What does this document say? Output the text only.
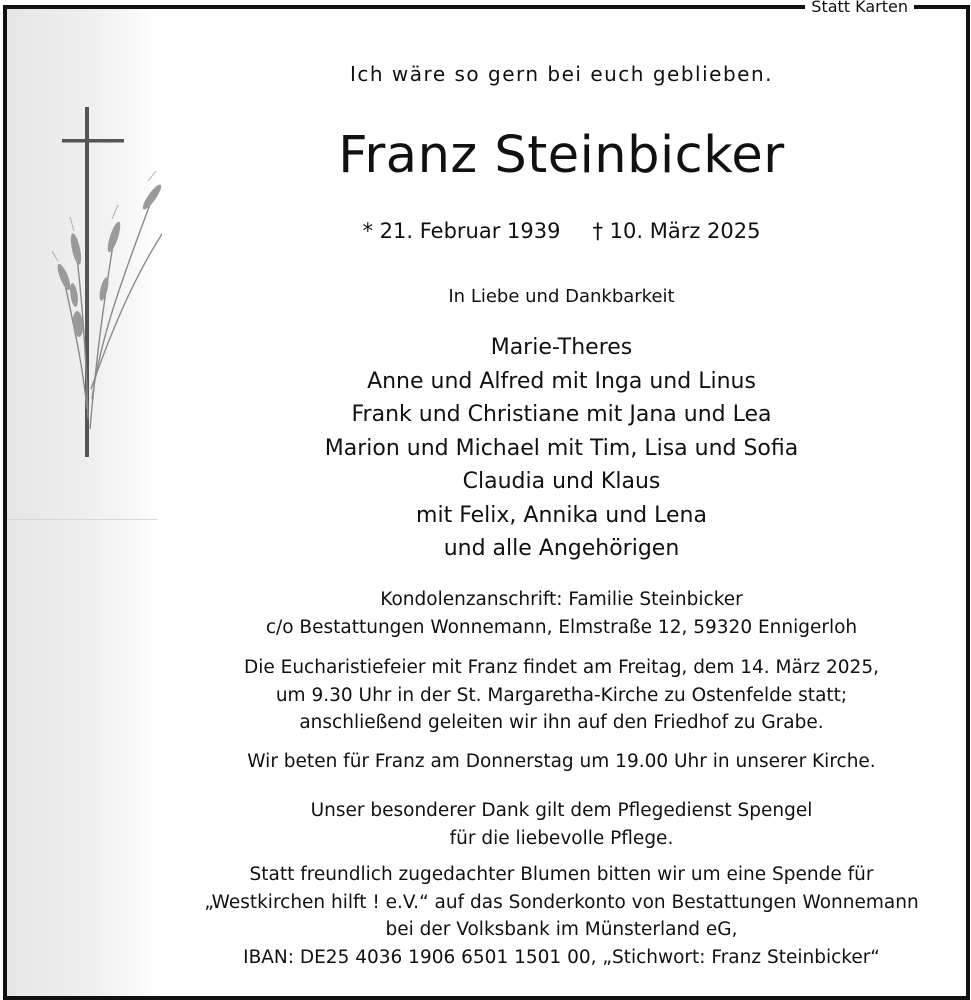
Statt Karten
Ich wäre so gern bei euch geblieben.
Franz Steinbicker
* 21. Februar 1939 † 10. März 2025
In Liebe und Dankbarkeit
Marie-Theres
Anne und Alfred mit Inga und Linus
Frank und Christiane mit Jana und Lea
Marion und Michael mit Tim, Lisa und Sofia
Claudia und Klaus
mit Felix, Annika und Lena
und alle Angehörigen
Kondolenzanschrift: Familie Steinbicker
c/o Bestattungen Wonnemann, Elmstraße 12, 59320 Ennigerloh
Die Eucharistiefeier mit Franz findet am Freitag, dem 14. März 2025,
um 9.30 Uhr in der St. Margaretha-Kirche zu Ostenfelde statt;
anschließend geleiten wir ihn auf den Friedhof zu Grabe.
Wir beten für Franz am Donnerstag um 19.00 Uhr in unserer Kirche.
Unser besonderer Dank gilt dem Pflegedienst Spengel
für die liebevolle Pflege.
Statt freundlich zugedachter Blumen bitten wir um eine Spende für
„Westkirchen hilft ! e.V.“ auf das Sonderkonto von Bestattungen Wonnemann
bei der Volksbank im Münsterland eG,
IBAN: DE25 4036 1906 6501 1501 00, „Stichwort: Franz Steinbicker“
